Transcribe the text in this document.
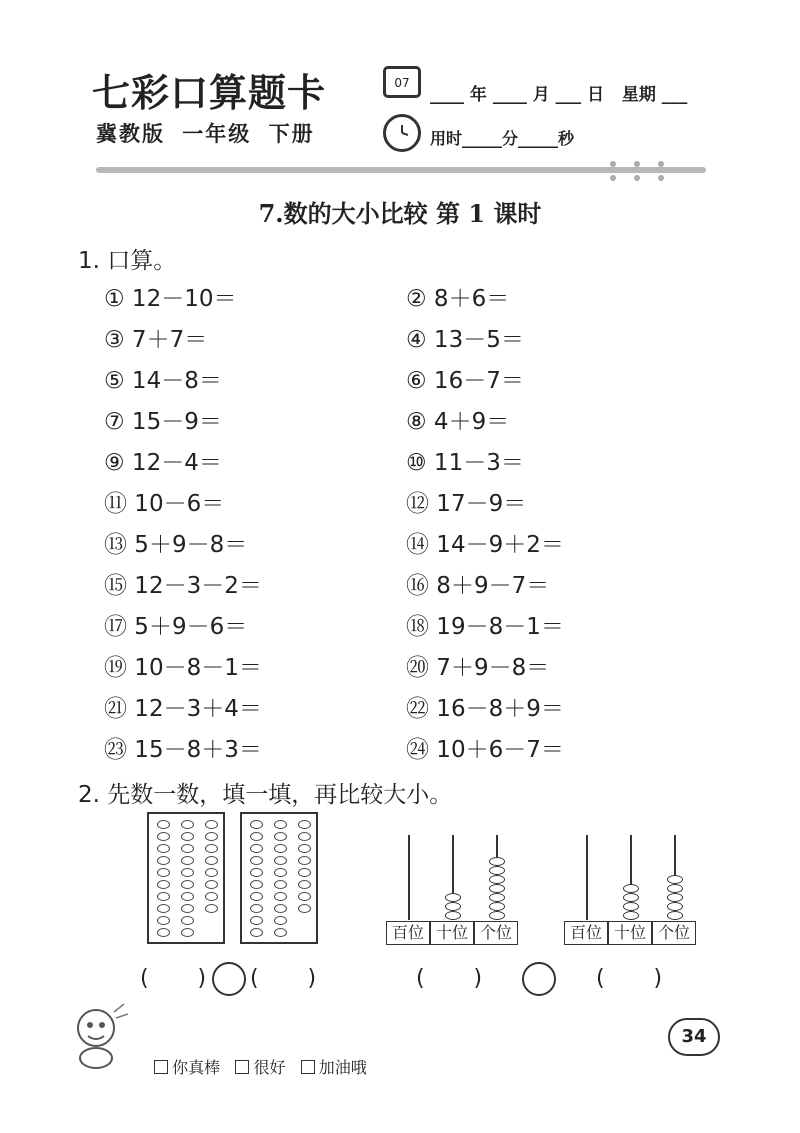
七彩口算题卡
冀教版 一年级 下册
07
____ 年 ____ 月 ___ 日   星期 ___
用时_____分_____秒
7.数的大小比较 第 1 课时
1. 口算。
① 12－10＝	② 8＋6＝
③ 7＋7＝	④ 13－5＝
⑤ 14－8＝	⑥ 16－7＝
⑦ 15－9＝	⑧ 4＋9＝
⑨ 12－4＝	⑩ 11－3＝
⑪ 10－6＝	⑫ 17－9＝
⑬ 5＋9－8＝	⑭ 14－9＋2＝
⑮ 12－3－2＝	⑯ 8＋9－7＝
⑰ 5＋9－6＝	⑱ 19－8－1＝
⑲ 10－8－1＝	⑳ 7＋9－8＝
㉑ 12－3＋4＝	㉒ 16－8＋9＝
㉓ 15－8＋3＝	㉔ 10＋6－7＝
2. 先数一数，填一填，再比较大小。
百位 十位 个位	百位 十位 个位
(       ) (       )	(       )	(       )

你真棒 很好 加油哦

34
